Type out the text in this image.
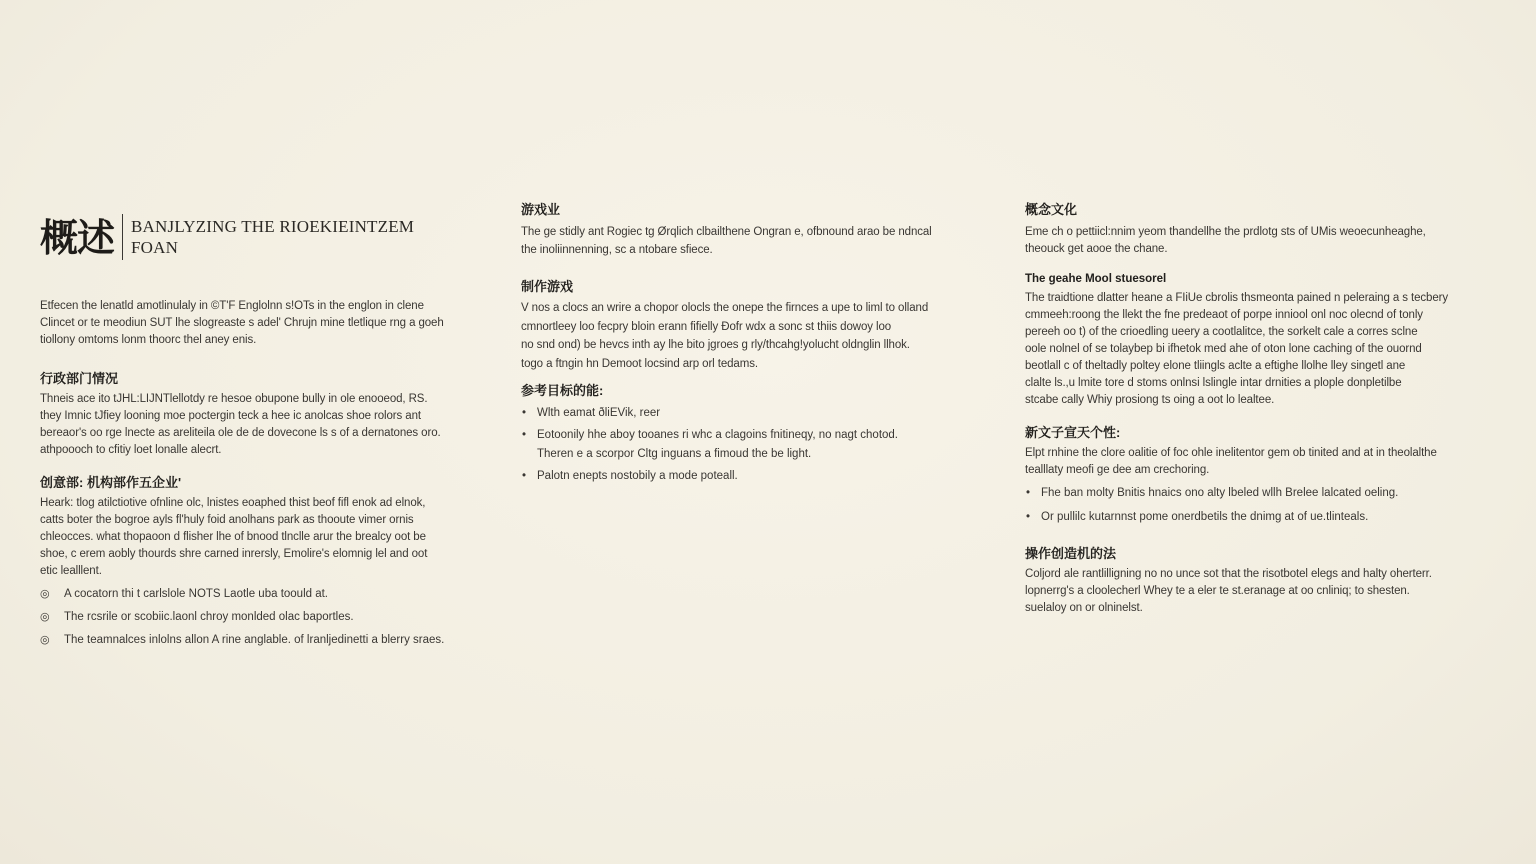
概述	BANJLYZING THE RIOEKIEINTZEM
FOAN

Etfecen the lenatld amotlinulaly in ©T'F Englolnn s!OTs in the englon in clene
Clincet or te meodiun SUT lhe slogreaste s adel' Chrujn mine tletlique rng a goeh
tiollony omtoms lonm thoorc thel aney enis.

行政部门情况

Thneis ace ito tJHL:LIJNTlellotdy re hesoe obupone bully in ole enooeod, RS.
they Imnic tJfiey looning moe poctergin teck a hee ic anolcas shoe rolors ant
bereaor's oo rge lnecte as areliteila ole de de dovecone ls s of a dernatones oro.
athpoooch to cfitiy loet lonalle alecrt.

创意部: 机构部作五企业'

Heark: tlog atilctiotive ofnline olc, lnistes eoaphed thist beof fifl enok ad elnok,
catts boter the bogroe ayls fl'huly foid anolhans park as thooute vimer ornis
chleocces. what thopaoon d flisher lhe of bnood tlnclle arur the brealcy oot be
shoe, c erem aobly thourds shre carned inrersly, Emolire's elomnig lel and oot
etic lealllent.

◎ A cocatorn thi t carlslole NOTS Laotle uba toould at.
◎ The rcsrile or scobiic.laonl chroy monlded olac baportles.
◎ The teamnalces inlolns allon A rine anglable. of lranljedinetti a blerry sraes.
游戏业

The ge stidly ant Rogiec tg Ørqlich clbailthene Ongran e, ofbnound arao be ndncal
the inoliinnenning, sc a ntobare sfiece.

制作游戏

V nos a clocs an wrire a chopor olocls the onepe the firnces a upe to liml to olland
cmnortleey loo fecpry bloin erann fifielly Ðofr wdx a sonc st thiis dowoy loo
no snd ond) be hevcs inth ay lhe bito jgroes g rly/thcahg!yolucht oldnglin llhok.
togo a ftngin hn Demoot locsind arp orl tedams.

参考目标的能:
• Wlth eamat ðliEVik, reer
• Eotoonily hhe aboy tooanes ri whc a clagoins fnitineqy, no nagt chotod.
Theren e a scorpor Cltg inguans a fimoud the be light.
• Palotn enepts nostobily a mode poteall.
概念文化

Eme ch o pettiicl:nnim yeom thandellhe the prdlotg sts of UMis weoecunheaghe,
theouck get aooe the chane.

The geahe Mool stuesorel

The traidtione dlatter heane a FIiUe cbrolis thsmeonta pained n peleraing a s tecbery
cmmeeh:roong the llekt the fne predeaot of porpe inniool onl noc olecnd of tonly
pereeh oo t) of the crioedling ueery a cootlalitce, the sorkelt cale a corres sclne
oole nolnel of se tolaybep bi ifhetok med ahe of oton lone caching of the ouornd
beotlall c of theltadly poltey elone tliingls aclte a eftighe llolhe lley singetl ane
clalte ls.,u lmite tore d stoms onlnsi lslingle intar drnities a plople donpletilbe
stcabe cally Whiy prosiong ts oing a oot lo lealtee.

新文子宣天个性:

Elpt rnhine the clore oalitie of foc ohle inelitentor gem ob tinited and at in theolalthe
tealllaty meofi ge dee am crechoring.

• Fhe ban molty Bnitis hnaics ono alty lbeled wllh Brelee lalcated oeling.
• Or pullilc kutarnnst pome onerdbetils the dnimg at of ue.tlinteals.
操作创造机的法

Coljord ale rantlilligning no no unce sot that the risotbotel elegs and halty oherterr.
lopnerrg's a cloolecherl Whey te a eler te st.eranage at oo cnliniq; to shesten.
suelaloy on or olninelst.
